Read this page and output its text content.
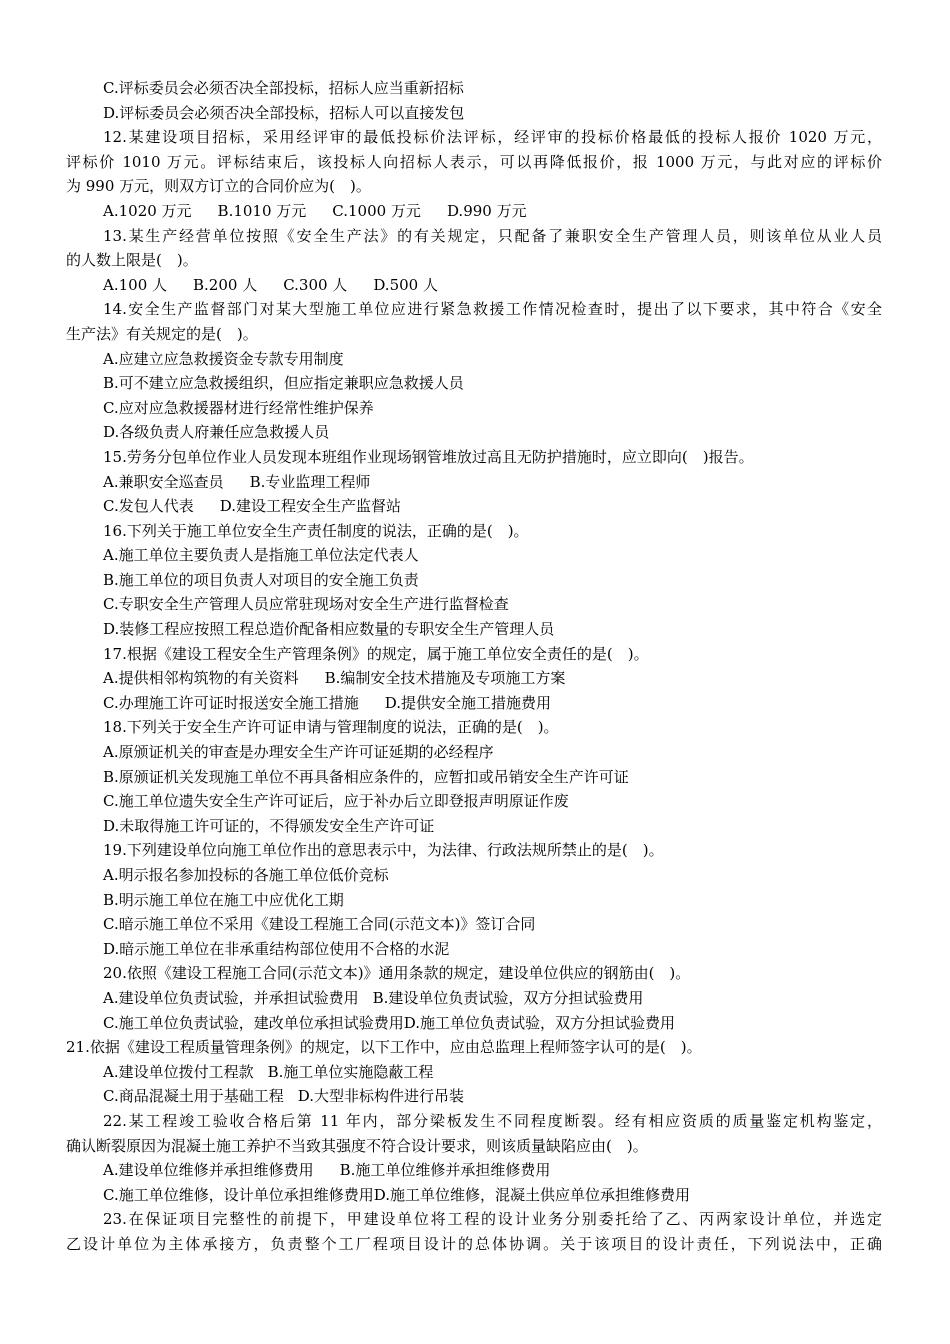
C.评标委员会必须否决全部投标，招标人应当重新招标
D.评标委员会必须否决全部投标，招标人可以直接发包
12.某建设项目招标，采用经评审的最低投标价法评标，经评审的投标价格最低的投标人报价 1020 万元，
评标价 1010 万元。评标结束后，该投标人向招标人表示，可以再降低报价，报 1000 万元，与此对应的评标价
为 990 万元，则双方订立的合同价应为(　)。
A.1020 万元 B.1010 万元 C.1000 万元 D.990 万元
13.某生产经营单位按照《安全生产法》的有关规定，只配备了兼职安全生产管理人员，则该单位从业人员
的人数上限是(　)。
A.100 人 B.200 人 C.300 人 D.500 人
14.安全生产监督部门对某大型施工单位应进行紧急救援工作情况检查时，提出了以下要求，其中符合《安全
生产法》有关规定的是(　)。
A.应建立应急救援资金专款专用制度
B.可不建立应急救援组织，但应指定兼职应急救援人员
C.应对应急救援器材进行经常性维护保养
D.各级负责人府兼任应急救援人员
15.劳务分包单位作业人员发现本班组作业现场钢管堆放过高且无防护措施时，应立即向(　)报告。
A.兼职安全巡查员 B.专业监理工程师
C.发包人代表 D.建设工程安全生产监督站
16.下列关于施工单位安全生产责任制度的说法，正确的是(　)。
A.施工单位主要负责人是指施工单位法定代表人
B.施工单位的项目负责人对项目的安全施工负责
C.专职安全生产管理人员应常驻现场对安全生产进行监督检查
D.装修工程应按照工程总造价配备相应数量的专职安全生产管理人员
17.根据《建设工程安全生产管理条例》的规定，属于施工单位安全责任的是(　)。
A.提供相邻构筑物的有关资料 B.编制安全技术措施及专项施工方案
C.办理施工许可证时报送安全施工措施 D.提供安全施工措施费用
18.下列关于安全生产许可证申请与管理制度的说法，正确的是(　)。
A.原颁证机关的审查是办理安全生产许可证延期的必经程序
B.原颁证机关发现施工单位不再具备相应条件的，应暂扣或吊销安全生产许可证
C.施工单位遗失安全生产许可证后，应于补办后立即登报声明原证作废
D.未取得施工许可证的，不得颁发安全生产许可证
19.下列建设单位向施工单位作出的意思表示中，为法律、行政法规所禁止的是(　)。
A.明示报名参加投标的各施工单位低价竞标
B.明示施工单位在施工中应优化工期
C.暗示施工单位不采用《建设工程施工合同(示范文本)》签订合同
D.暗示施工单位在非承重结构部位使用不合格的水泥
20.依照《建设工程施工合同(示范文本)》通用条款的规定，建设单位供应的钢筋由(　)。
A.建设单位负责试验，并承担试验费用 B.建设单位负责试验，双方分担试验费用
C.施工单位负责试验，建改单位承担试验费用D.施工单位负责试验，双方分担试验费用
21.依据《建设工程质量管理条例》的规定，以下工作中，应由总监理上程师签字认可的是(　)。
A.建设单位拨付工程款 B.施工单位实施隐蔽工程
C.商品混凝土用于基础工程 D.大型非标构件进行吊装
22.某工程竣工验收合格后第 11 年内，部分梁板发生不同程度断裂。经有相应资质的质量鉴定机构鉴定，
确认断裂原因为混凝土施工养护不当致其强度不符合设计要求，则该质量缺陷应由(　)。
A.建设单位维修并承担维修费用 B.施工单位维修并承担维修费用
C.施工单位维修，设计单位承担维修费用D.施工单位维修，混凝土供应单位承担维修费用
23.在保证项目完整性的前提下，甲建设单位将工程的设计业务分别委托给了乙、丙两家设计单位，并选定
乙设计单位为主体承接方，负责整个工厂程项目设计的总体协调。关于该项目的设计责任，下列说法中，正确
